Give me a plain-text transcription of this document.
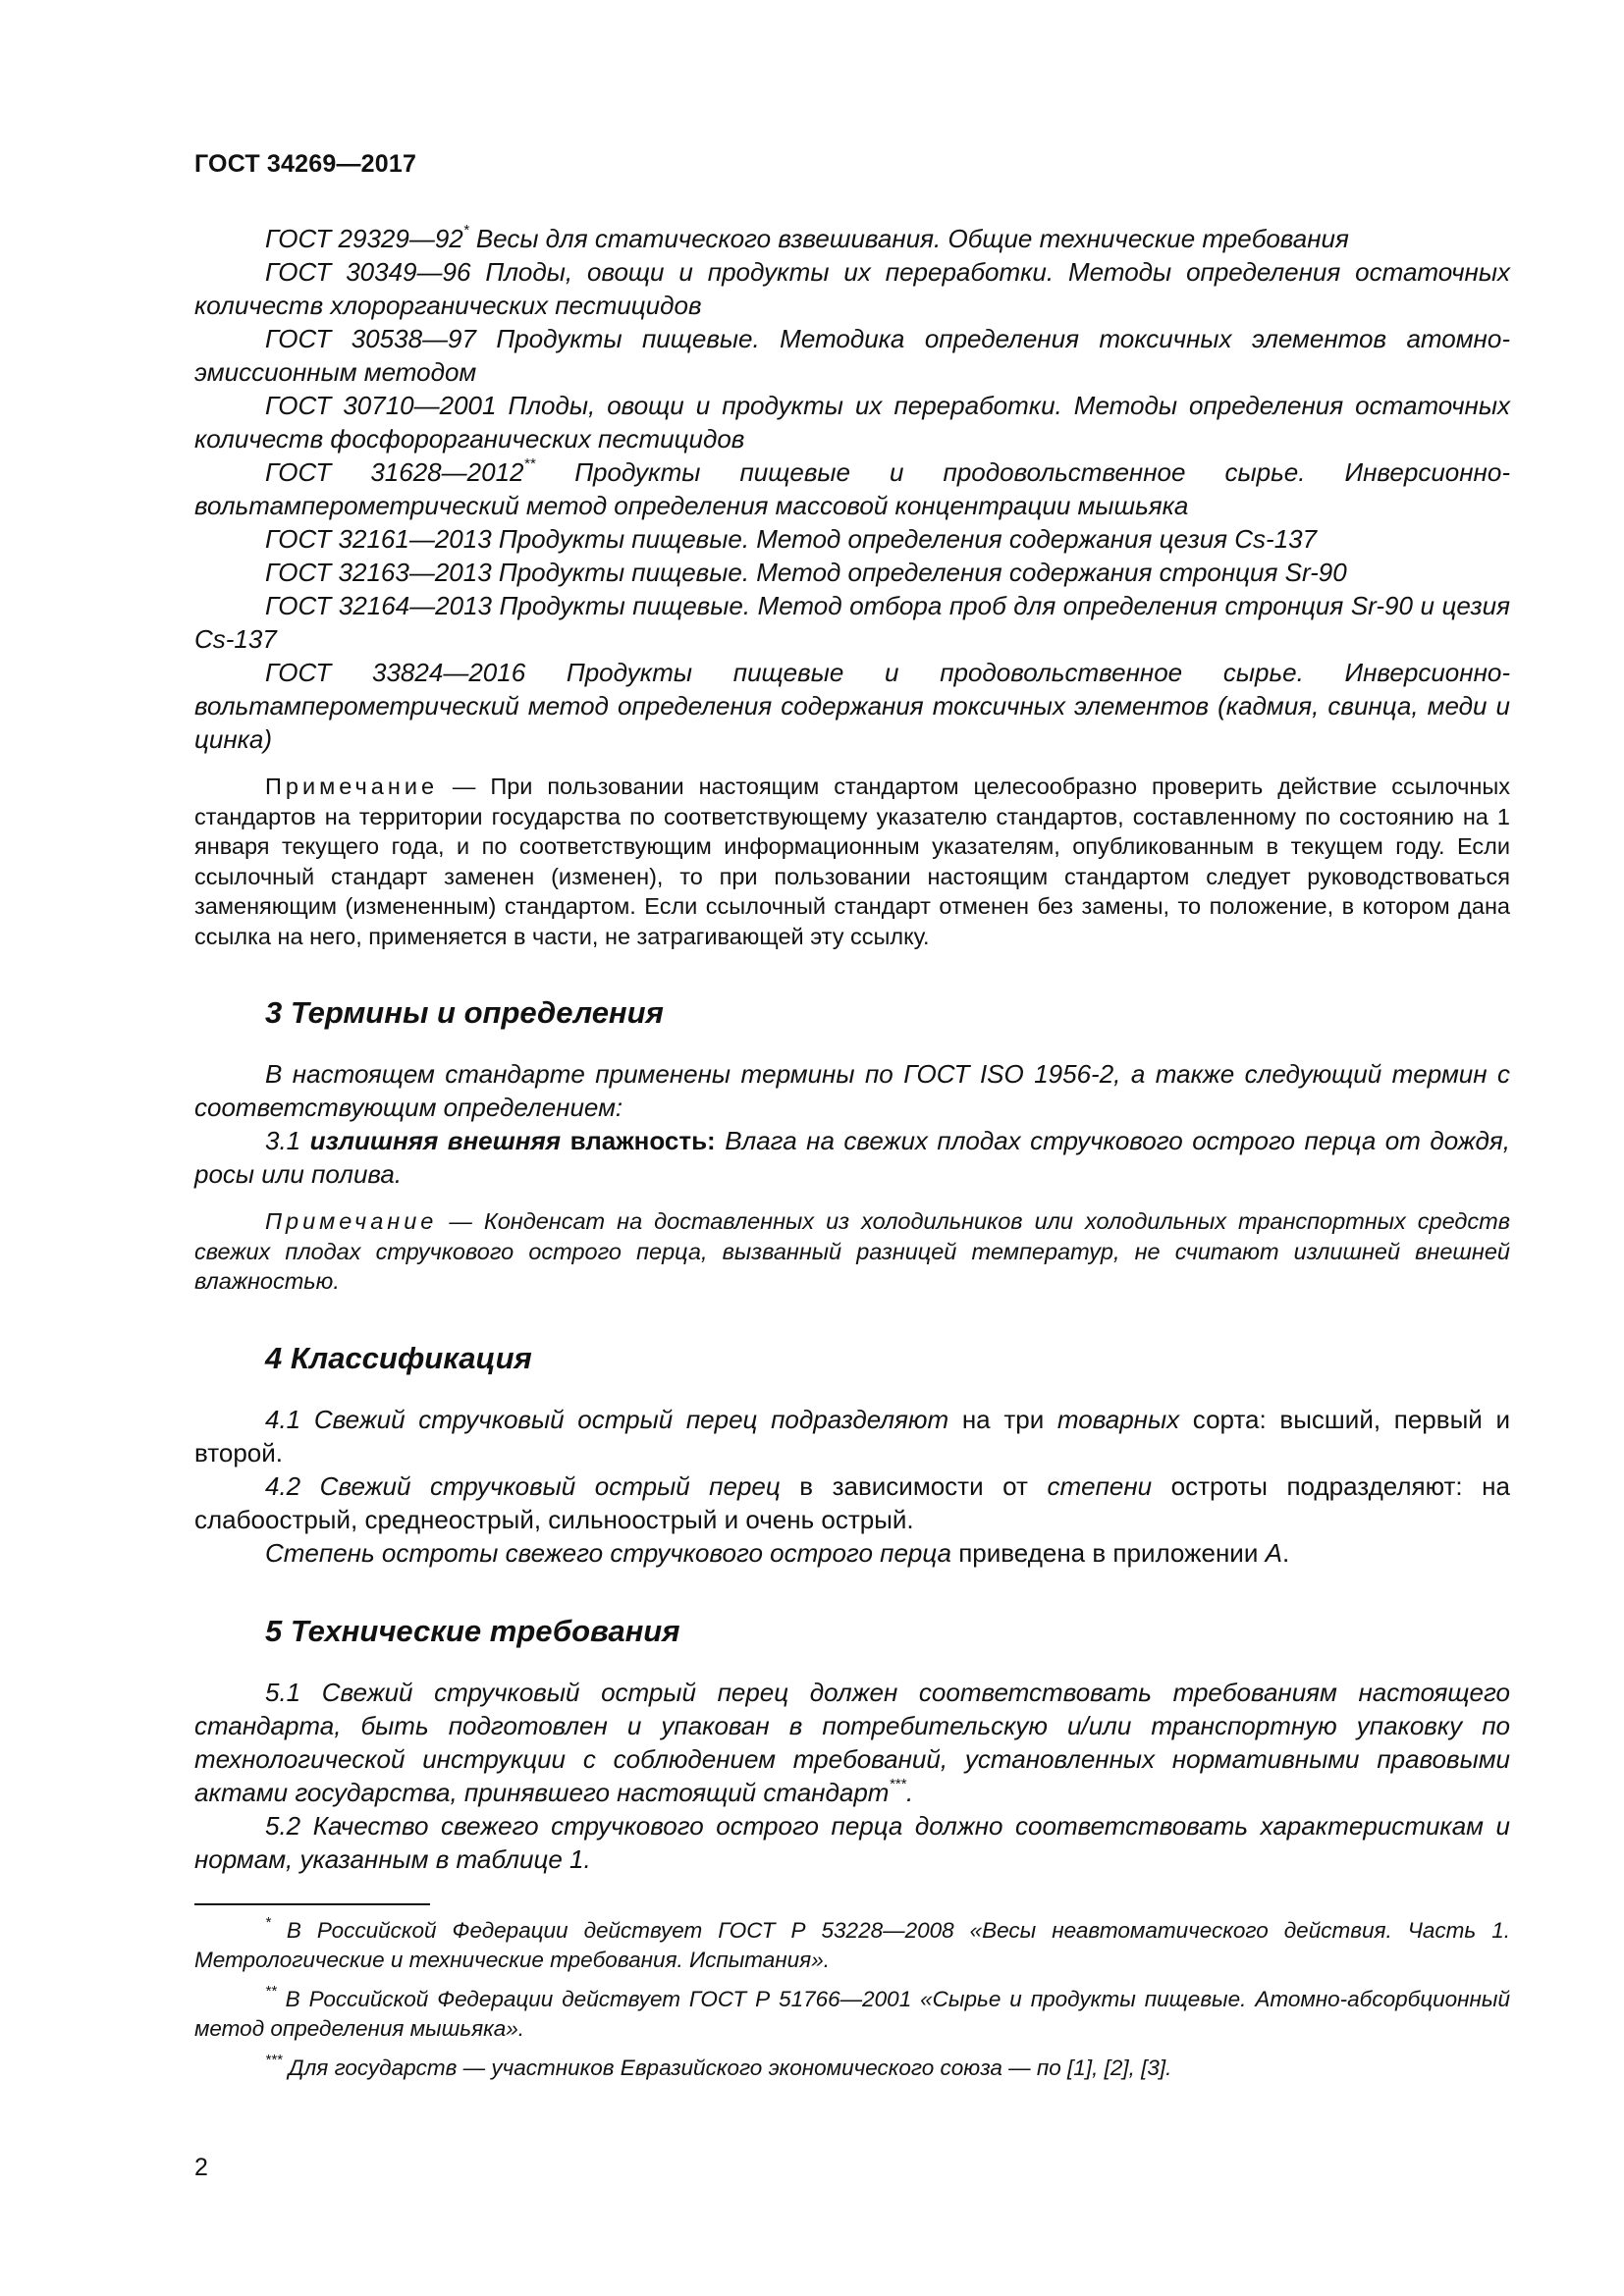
ГОСТ 34269—2017

ГОСТ 29329—92* Весы для статического взвешивания. Общие технические требования

ГОСТ 30349—96 Плоды, овощи и продукты их переработки. Методы определения остаточных количеств хлорорганических пестицидов

ГОСТ 30538—97 Продукты пищевые. Методика определения токсичных элементов атомно-эмиссионным методом

ГОСТ 30710—2001 Плоды, овощи и продукты их переработки. Методы определения остаточных количеств фосфорорганических пестицидов

ГОСТ 31628—2012** Продукты пищевые и продовольственное сырье. Инверсионно-вольтамперометрический метод определения массовой концентрации мышьяка

ГОСТ 32161—2013 Продукты пищевые. Метод определения содержания цезия Cs-137

ГОСТ 32163—2013 Продукты пищевые. Метод определения содержания стронция Sr-90

ГОСТ 32164—2013 Продукты пищевые. Метод отбора проб для определения стронция Sr-90 и цезия Cs-137

ГОСТ 33824—2016 Продукты пищевые и продовольственное сырье. Инверсионно-вольтамперометрический метод определения содержания токсичных элементов (кадмия, свинца, меди и цинка)

Примечание — При пользовании настоящим стандартом целесообразно проверить действие ссылочных стандартов на территории государства по соответствующему указателю стандартов, составленному по состоянию на 1 января текущего года, и по соответствующим информационным указателям, опубликованным в текущем году. Если ссылочный стандарт заменен (изменен), то при пользовании настоящим стандартом следует руководствоваться заменяющим (измененным) стандартом. Если ссылочный стандарт отменен без замены, то положение, в котором дана ссылка на него, применяется в части, не затрагивающей эту ссылку.

3 Термины и определения

В настоящем стандарте применены термины по ГОСТ ISO 1956-2, а также следующий термин с соответствующим определением:

3.1 излишняя внешняя влажность: Влага на свежих плодах стручкового острого перца от дождя, росы или полива.

Примечание — Конденсат на доставленных из холодильников или холодильных транспортных средств свежих плодах стручкового острого перца, вызванный разницей температур, не считают излишней внешней влажностью.

4 Классификация

4.1 Свежий стручковый острый перец подразделяют на три товарных сорта: высший, первый и второй.

4.2 Свежий стручковый острый перец в зависимости от степени остроты подразделяют: на слабоострый, среднеострый, сильноострый и очень острый.

Степень остроты свежего стручкового острого перца приведена в приложении А.

5 Технические требования

5.1 Свежий стручковый острый перец должен соответствовать требованиям настоящего стандарта, быть подготовлен и упакован в потребительскую и/или транспортную упаковку по технологической инструкции с соблюдением требований, установленных нормативными правовыми актами государства, принявшего настоящий стандарт***.

5.2 Качество свежего стручкового острого перца должно соответствовать характеристикам и нормам, указанным в таблице 1.

* В Российской Федерации действует ГОСТ Р 53228—2008 «Весы неавтоматического действия. Часть 1. Метрологические и технические требования. Испытания».

** В Российской Федерации действует ГОСТ Р 51766—2001 «Сырье и продукты пищевые. Атомно-абсорбционный метод определения мышьяка».

*** Для государств — участников Евразийского экономического союза — по [1], [2], [3].

2
